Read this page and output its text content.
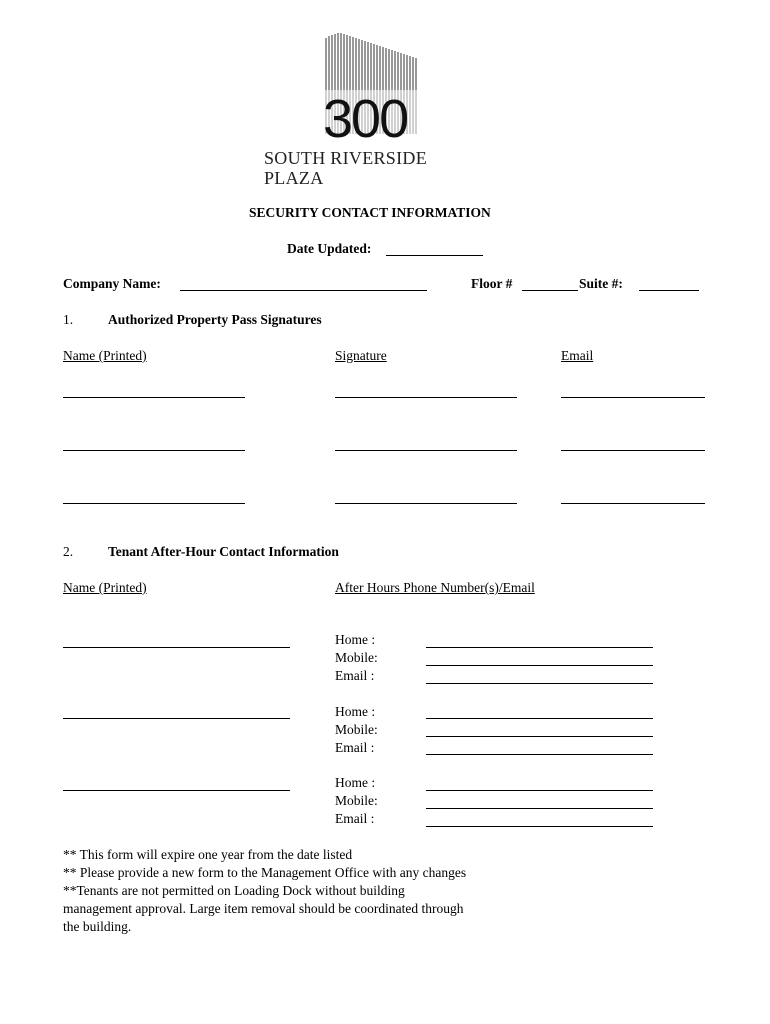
300
SOUTH RIVERSIDE PLAZA
SECURITY CONTACT INFORMATION
Date Updated:
Company Name:	Floor #	Suite #:
1.	Authorized Property Pass Signatures
Name (Printed)	Signature	Email
2.	Tenant After-Hour Contact Information
Name (Printed)	After Hours Phone Number(s)/Email
Home :
Mobile:
Email :
Home :
Mobile:
Email :
Home :
Mobile:
Email :
** This form will expire one year from the date listed
** Please provide a new form to the Management Office with any changes
**Tenants are not permitted on Loading Dock without building
management approval. Large item removal should be coordinated through
the building.
